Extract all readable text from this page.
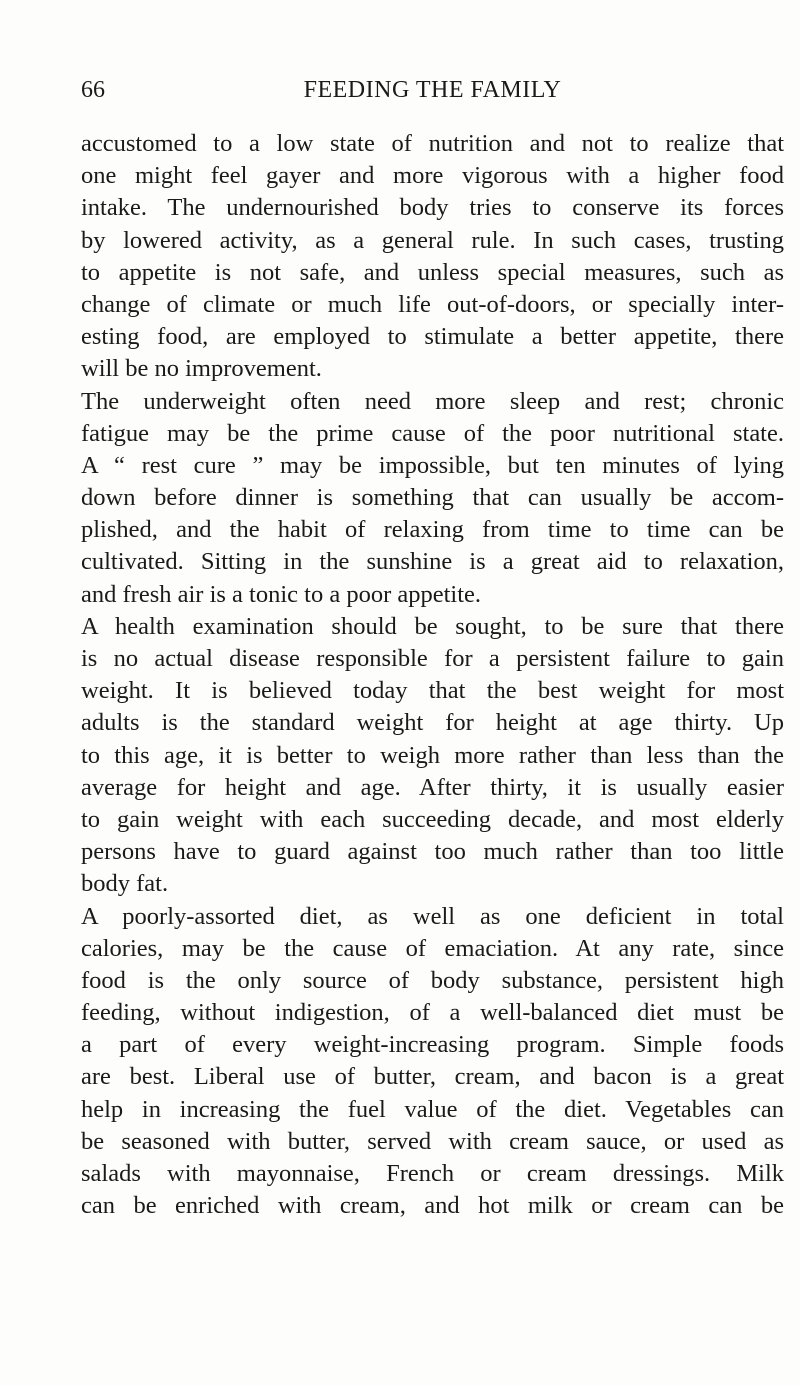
66	FEEDING THE FAMILY
accustomed to a low state of nutrition and not to realize that
one might feel gayer and more vigorous with a higher food
intake. The undernourished body tries to conserve its forces
by lowered activity, as a general rule. In such cases, trusting
to appetite is not safe, and unless special measures, such as
change of climate or much life out-of-doors, or specially inter-
esting food, are employed to stimulate a better appetite, there
will be no improvement.
The underweight often need more sleep and rest; chronic
fatigue may be the prime cause of the poor nutritional state.
A “ rest cure ” may be impossible, but ten minutes of lying
down before dinner is something that can usually be accom-
plished, and the habit of relaxing from time to time can be
cultivated. Sitting in the sunshine is a great aid to relaxation,
and fresh air is a tonic to a poor appetite.
A health examination should be sought, to be sure that there
is no actual disease responsible for a persistent failure to gain
weight. It is believed today that the best weight for most
adults is the standard weight for height at age thirty. Up
to this age, it is better to weigh more rather than less than the
average for height and age. After thirty, it is usually easier
to gain weight with each succeeding decade, and most elderly
persons have to guard against too much rather than too little
body fat.
A poorly-assorted diet, as well as one deficient in total
calories, may be the cause of emaciation. At any rate, since
food is the only source of body substance, persistent high
feeding, without indigestion, of a well-balanced diet must be
a part of every weight-increasing program. Simple foods
are best. Liberal use of butter, cream, and bacon is a great
help in increasing the fuel value of the diet. Vegetables can
be seasoned with butter, served with cream sauce, or used as
salads with mayonnaise, French or cream dressings. Milk
can be enriched with cream, and hot milk or cream can be
